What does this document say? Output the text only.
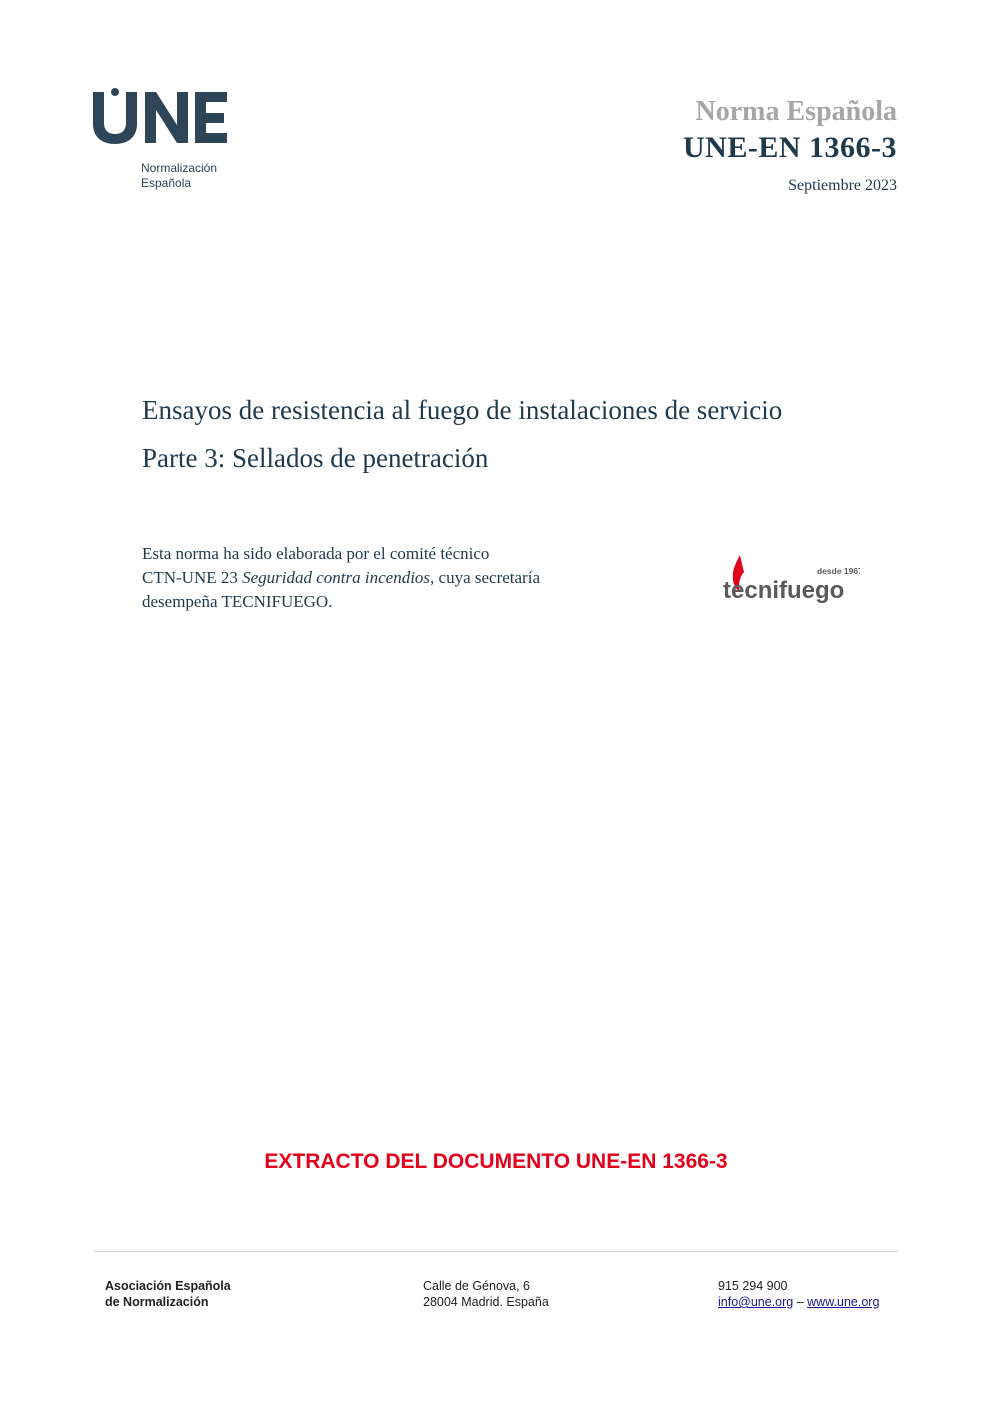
Normalización
Española
Norma Española
UNE-EN 1366-3
Septiembre 2023
Ensayos de resistencia al fuego de instalaciones de servicio
Parte 3: Sellados de penetración
Esta norma ha sido elaborada por el comité técnico
CTN-UNE 23 Seguridad contra incendios, cuya secretaría
desempeña TECNIFUEGO.	tecnifuego
desde 1967
EXTRACTO DEL DOCUMENTO UNE-EN 1366-3
Asociación Española
de Normalización
Calle de Génova, 6
28004 Madrid. España
915 294 900
info@une.org – www.une.org
